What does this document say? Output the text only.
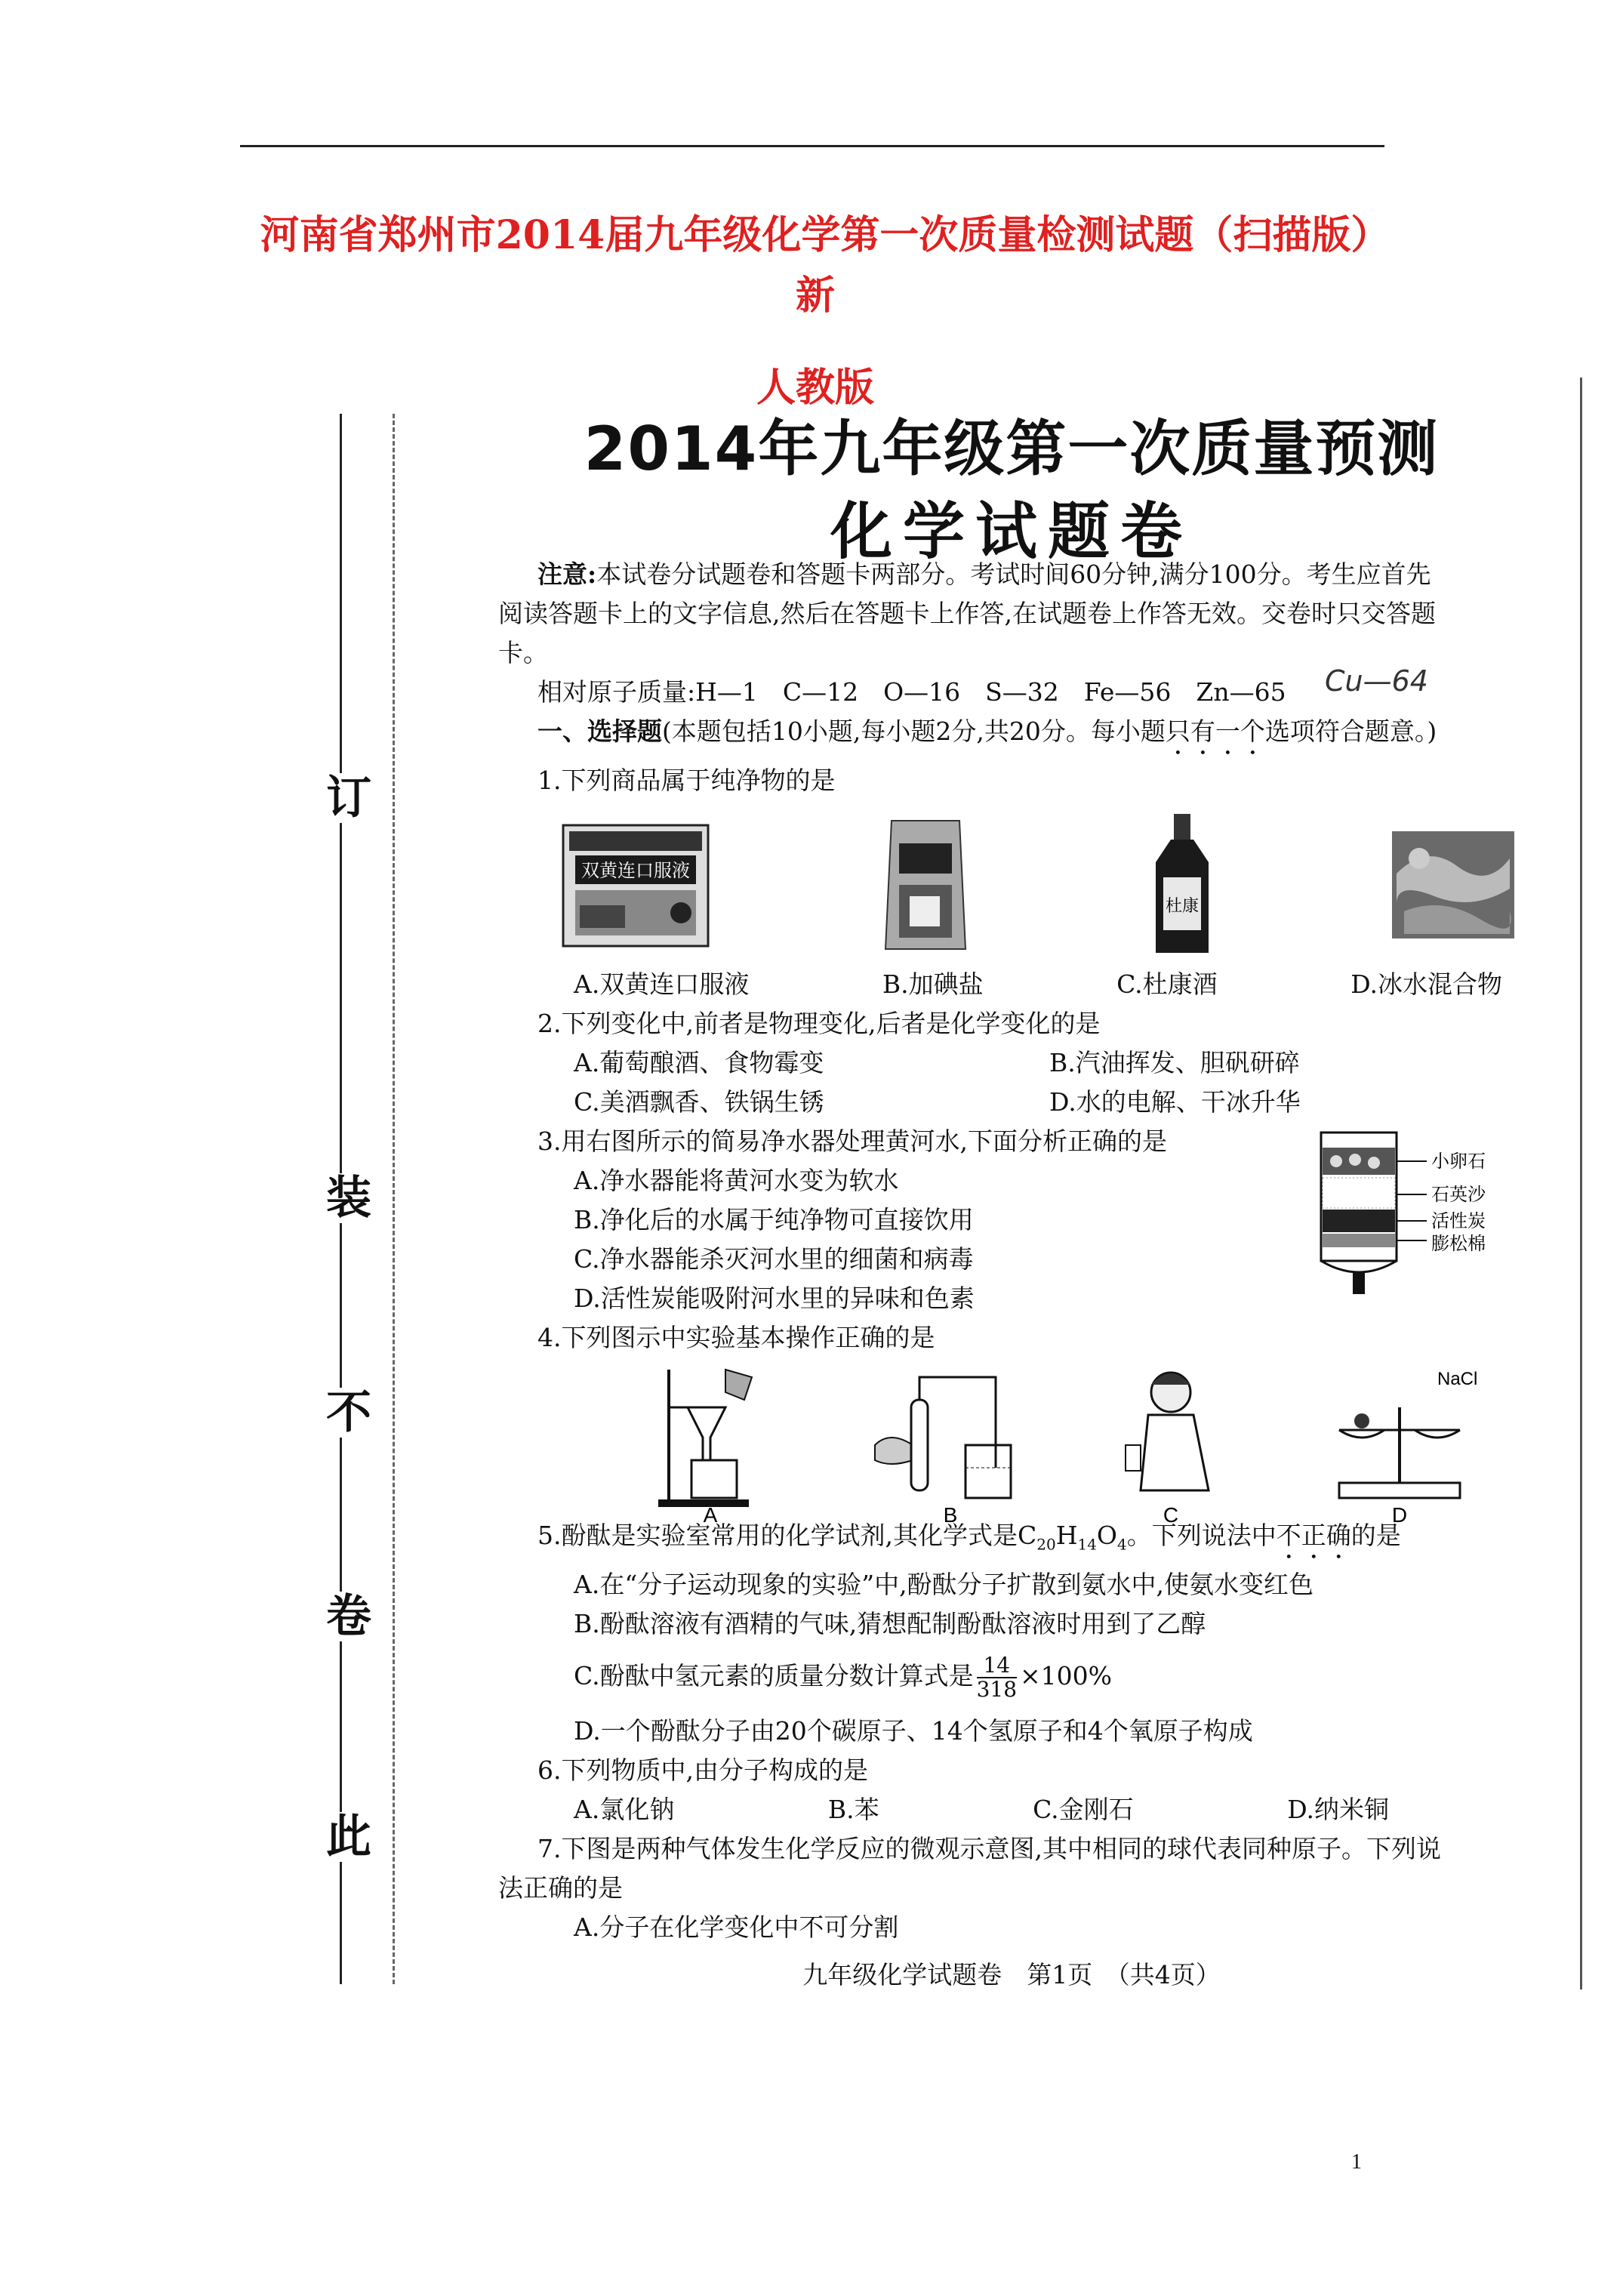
河南省郑州市2014届九年级化学第一次质量检测试题（扫描版）　新
人教版
订
装
不
卷
此
2014年九年级第一次质量预测
化学试题卷
Cu—64

注意:本试卷分试题卷和答题卡两部分。考试时间60分钟,满分100分。考生应首先

阅读答题卡上的文字信息,然后在答题卡上作答,在试题卷上作答无效。交卷时只交答题

卡。

相对原子质量:H—1　C—12　O—16　S—32　Fe—56　Zn—65

一、选择题(本题包括10小题,每小题2分,共20分。每小题只有一个选项符合题意。)

1.下列商品属于纯净物的是

双黄连口服液
杜康
A.双黄连口服液	B.加碘盐	C.杜康酒	D.冰水混合物

2.下列变化中,前者是物理变化,后者是化学变化的是

A.葡萄酿酒、食物霉变	B.汽油挥发、胆矾研碎
C.美酒飘香、铁锅生锈	D.水的电解、干冰升华

3.用右图所示的简易净水器处理黄河水,下面分析正确的是

A.净水器能将黄河水变为软水

B.净化后的水属于纯净物可直接饮用

C.净水器能杀灭河水里的细菌和病毒

D.活性炭能吸附河水里的异味和色素

小卵石
石英沙
活性炭
膨松棉

4.下列图示中实验基本操作正确的是

A	B	C
NaCl
D

5.酚酞是实验室常用的化学试剂,其化学式是$C_{20}H_{14}O_4$。下列说法中不正确的是

A.在“分子运动现象的实验”中,酚酞分子扩散到氨水中,使氨水变红色

B.酚酞溶液有酒精的气味,猜想配制酚酞溶液时用到了乙醇

C.酚酞中氢元素的质量分数计算式是 $\frac{14}{318} \times 100\%$

D.一个酚酞分子由20个碳原子、14个氢原子和4个氧原子构成

6.下列物质中,由分子构成的是

A.氯化钠	B.苯	C.金刚石	D.纳米铜

7.下图是两种气体发生化学反应的微观示意图,其中相同的球代表同种原子。下列说

法正确的是

A.分子在化学变化中不可分割

九年级化学试题卷　第1页　（共4页）
1
